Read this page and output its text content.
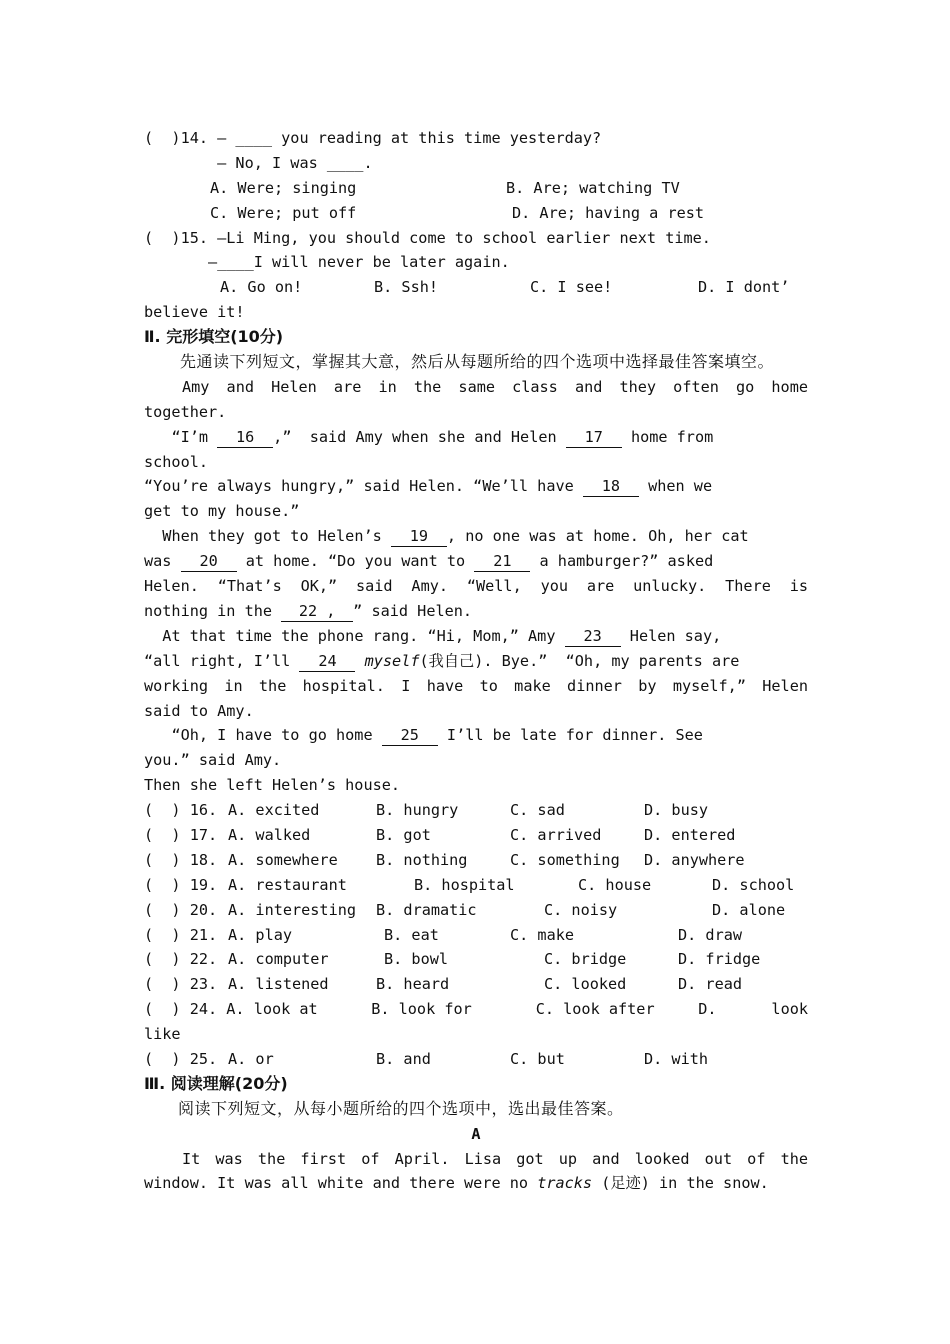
(  )14. — ____ you reading at this time yesterday?
— No, I was ____.
A. Were; singing	B. Are; watching TV
C. Were; put off	D. Are; having a rest
(  )15. —Li Ming, you should come to school earlier next time.
—____I will never be later again.
A. Go on!	B. Ssh!	C. I see!	D. I dont’
believe it!
Ⅱ. 完形填空(10分)
先通读下列短文，掌握其大意，然后从每题所给的四个选项中选择最佳答案填空。
Amy and Helen are in the same class and they often go home
together.
“I’m 16 ,”  said Amy when she and Helen 17 home from
school.
“You’re always hungry,” said Helen. “We’ll have 18 when we
get to my house.”
When they got to Helen’s 19 , no one was at home. Oh, her cat
was 20 at home. “Do you want to 21 a hamburger?” asked
Helen. “That’s OK,” said Amy. “Well, you are unlucky. There is
nothing in the 22 , ” said Helen.
At that time the phone rang. “Hi, Mom,” Amy 23 Helen say,
“all right, I’ll 24 myself(我自己). Bye.”  “Oh, my parents are
working in the hospital. I have to make dinner by myself,” Helen
said to Amy.
“Oh, I have to go home 25 I’ll be late for dinner. See
you.” said Amy.
Then she left Helen’s house.
(  ) 16. A. excited	B. hungry	C. sad	D. busy
(  ) 17. A. walked	B. got	C. arrived	D. entered
(  ) 18. A. somewhere	B. nothing	C. something	D. anywhere
(  ) 19. A. restaurant	B. hospital	C. house	D. school
(  ) 20. A. interesting	B. dramatic	C. noisy	D. alone
(  ) 21. A. play	B. eat	C. make	D. draw
(  ) 22. A. computer	B. bowl	C. bridge	D. fridge
(  ) 23. A. listened	B. heard	C. looked	D. read
(  ) 24. A. look at	B. look for	C. look after	D.      look
like
(  ) 25. A. or	B. and	C. but	D. with
Ⅲ. 阅读理解(20分)
阅读下列短文，从每小题所给的四个选项中，选出最佳答案。
A
It was the first of April. Lisa got up and looked out of the
window. It was all white and there were no tracks (足迹) in the snow.
